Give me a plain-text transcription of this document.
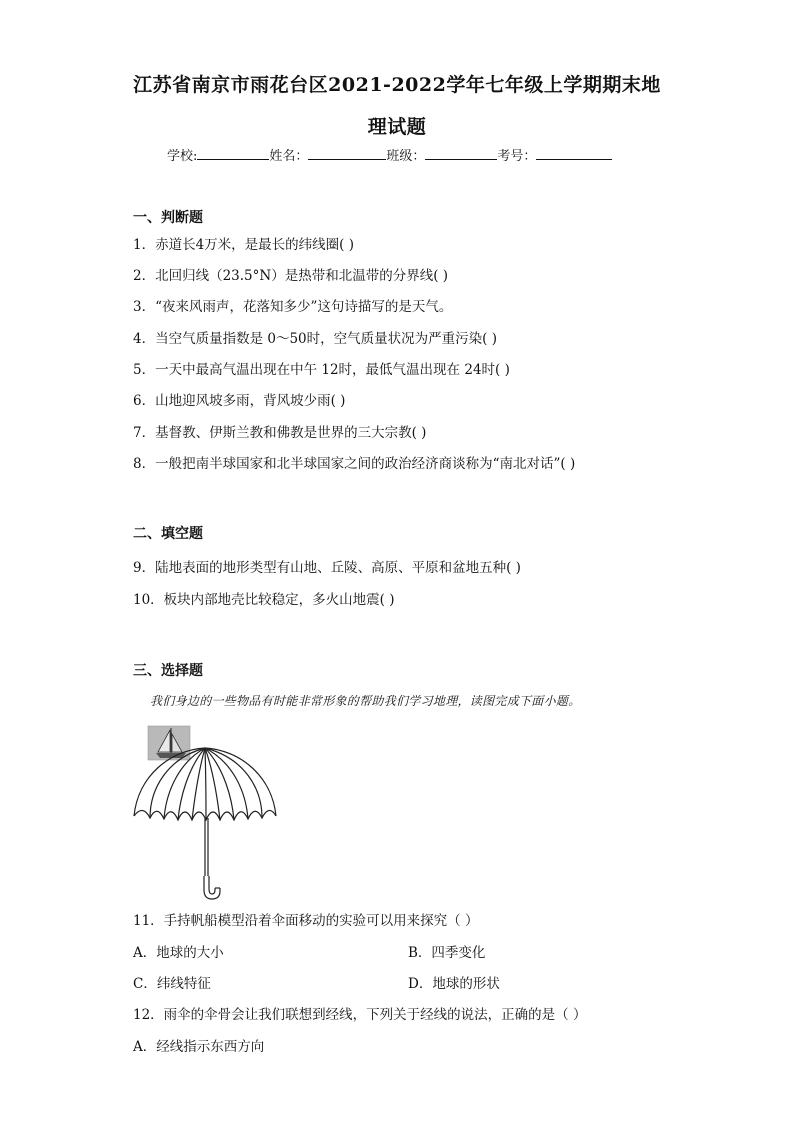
江苏省南京市雨花台区2021-2022学年七年级上学期期末地
理试题
学校:	姓名：	班级：	考号：
一、判断题
1．赤道长4万米，是最长的纬线圈( )
2．北回归线（23.5°N）是热带和北温带的分界线( )
3．“夜来风雨声，花落知多少”这句诗描写的是天气。
4．当空气质量指数是 0～50时，空气质量状况为严重污染( )
5．一天中最高气温出现在中午 12时，最低气温出现在 24时( )
6．山地迎风坡多雨，背风坡少雨( )
7．基督教、伊斯兰教和佛教是世界的三大宗教( )
8．一般把南半球国家和北半球国家之间的政治经济商谈称为“南北对话”( )
二、填空题
9．陆地表面的地形类型有山地、丘陵、高原、平原和盆地五种( )
10．板块内部地壳比较稳定，多火山地震( )
三、选择题
我们身边的一些物品有时能非常形象的帮助我们学习地理，读图完成下面小题。
11．手持帆船模型沿着伞面移动的实验可以用来探究（ ）
A．地球的大小	B．四季变化
C．纬线特征	D．地球的形状
12．雨伞的伞骨会让我们联想到经线，下列关于经线的说法，正确的是（ ）
A．经线指示东西方向
